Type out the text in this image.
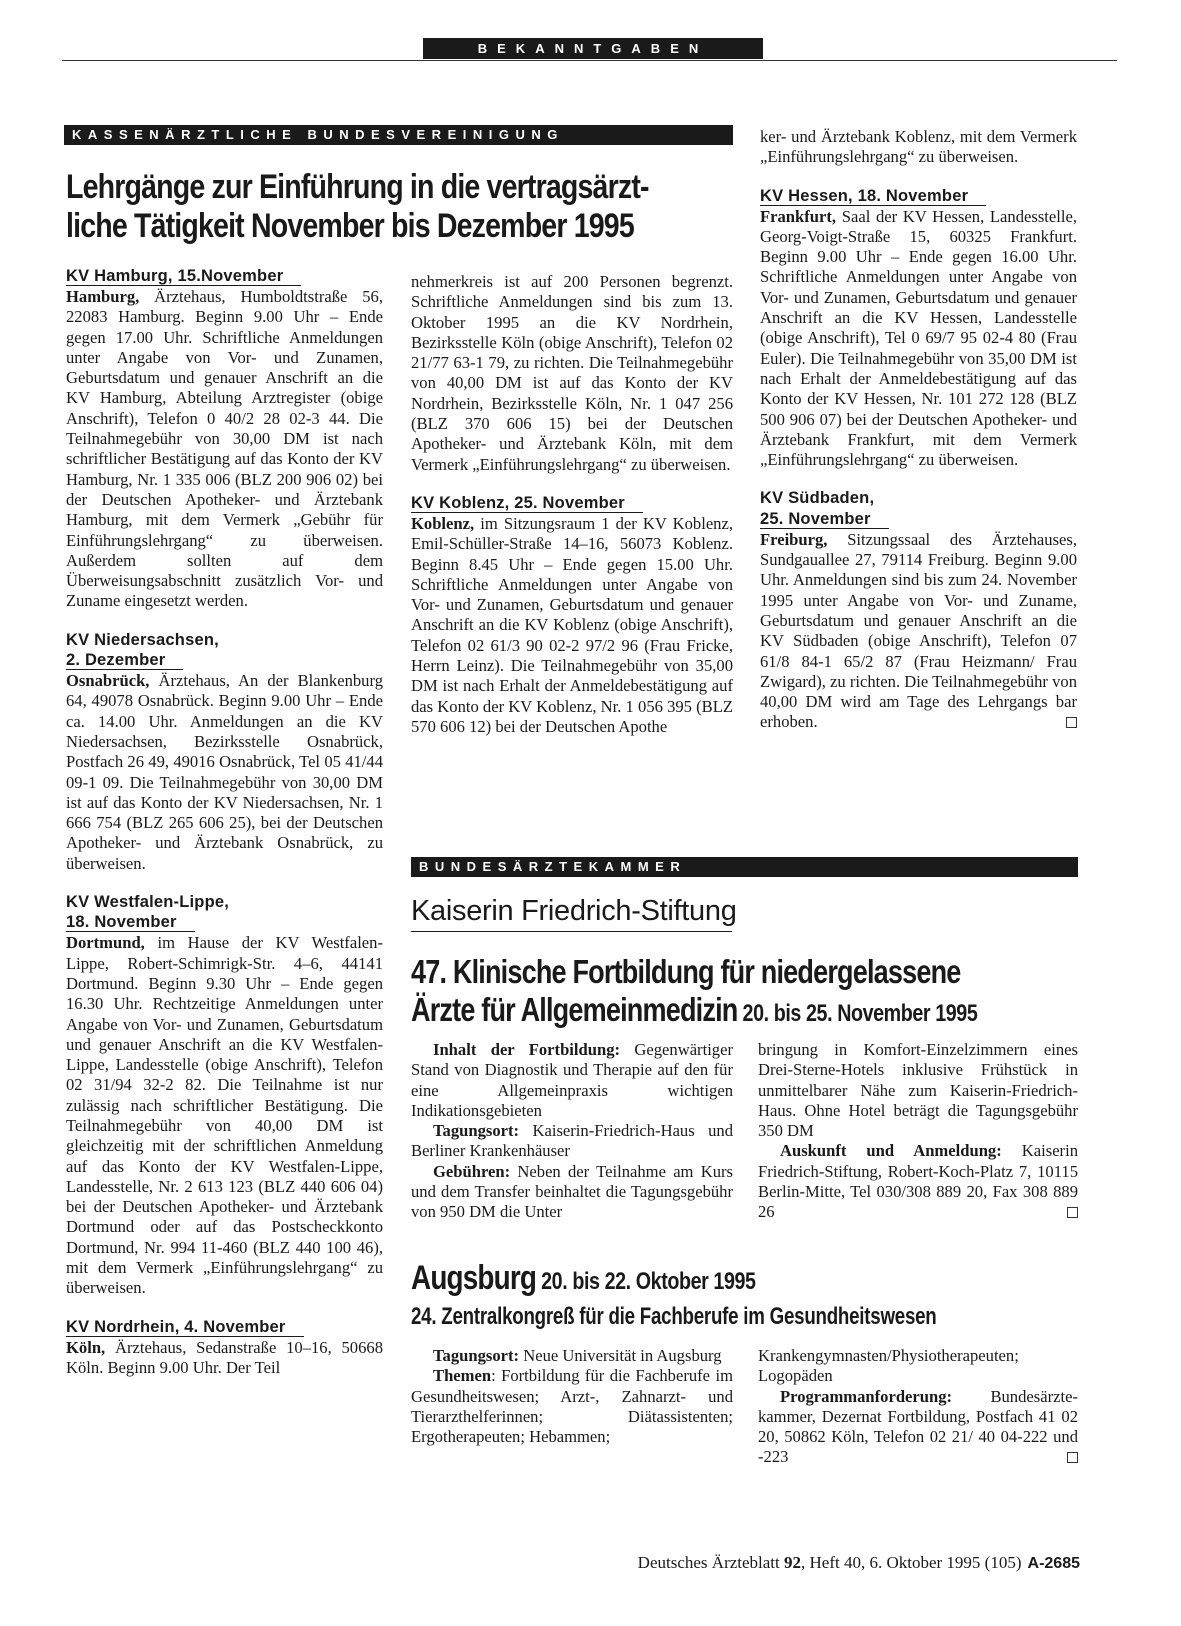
BEKANNTGABEN
KASSENÄRZTLICHE BUNDESVEREINIGUNG
Lehrgänge zur Einführung in die vertragsärzt-
liche Tätigkeit November bis Dezember 1995
KV Hamburg, 15.November

Hamburg, Ärztehaus, Humboldtstraße 56, 22083 Hamburg. Beginn 9.00 Uhr – Ende gegen 17.00 Uhr. Schriftliche Anmeldungen unter Angabe von Vor- und Zunamen, Geburtsdatum und genauer Anschrift an die KV Hamburg, Abteilung Arztregister (obige Anschrift), Telefon 0 40/2 28 02-3 44. Die Teilnahmegebühr von 30,00 DM ist nach schriftlicher Bestätigung auf das Konto der KV Hamburg, Nr. 1 335 006 (BLZ 200 906 02) bei der Deutschen Apotheker- und Ärztebank Hamburg, mit dem Vermerk „Gebühr für Einführungslehrgang“ zu überweisen. Außerdem sollten auf dem Überweisungsabschnitt zusätzlich Vor- und Zuname eingesetzt werden.

KV Niedersachsen,
2. Dezember

Osnabrück, Ärztehaus, An der Blankenburg 64, 49078 Osnabrück. Beginn 9.00 Uhr – Ende ca. 14.00 Uhr. Anmeldungen an die KV Niedersachsen, Bezirksstelle Osnabrück, Postfach 26 49, 49016 Osnabrück, Tel 05 41/44 09-1 09. Die Teilnahmegebühr von 30,00 DM ist auf das Konto der KV Niedersachsen, Nr. 1 666 754 (BLZ 265 606 25), bei der Deutschen Apotheker- und Ärztebank Osnabrück, zu überweisen.

KV Westfalen-Lippe,
18. November

Dortmund, im Hause der KV Westfalen-Lippe, Robert-Schimrigk-Str. 4–6, 44141 Dortmund. Beginn 9.30 Uhr – Ende gegen 16.30 Uhr. Rechtzeitige Anmeldungen unter Angabe von Vor- und Zunamen, Geburtsdatum und genauer Anschrift an die KV Westfalen-Lippe, Landesstelle (obige Anschrift), Telefon 02 31/94 32-2 82. Die Teilnahme ist nur zulässig nach schriftlicher Bestätigung. Die Teilnahmegebühr von 40,00 DM ist gleichzeitig mit der schriftlichen Anmeldung auf das Konto der KV Westfalen-Lippe, Landesstelle, Nr. 2 613 123 (BLZ 440 606 04) bei der Deutschen Apotheker- und Ärztebank Dortmund oder auf das Postscheckkonto Dortmund, Nr. 994 11-460 (BLZ 440 100 46), mit dem Vermerk „Einführungslehrgang“ zu überweisen.

KV Nordrhein, 4. November

Köln, Ärztehaus, Sedanstraße 10–16, 50668 Köln. Beginn 9.00 Uhr. Der Teil

nehmerkreis ist auf 200 Personen begrenzt. Schriftliche Anmeldungen sind bis zum 13. Oktober 1995 an die KV Nordrhein, Bezirksstelle Köln (obige Anschrift), Telefon 02 21/77 63-1 79, zu richten. Die Teilnahmegebühr von 40,00 DM ist auf das Konto der KV Nordrhein, Bezirksstelle Köln, Nr. 1 047 256 (BLZ 370 606 15) bei der Deutschen Apotheker- und Ärztebank Köln, mit dem Vermerk „Einführungslehrgang“ zu überweisen.

KV Koblenz, 25. November

Koblenz, im Sitzungsraum 1 der KV Koblenz, Emil-Schüller-Straße 14–16, 56073 Koblenz. Beginn 8.45 Uhr – Ende gegen 15.00 Uhr. Schriftliche Anmeldungen unter Angabe von Vor- und Zunamen, Geburtsdatum und genauer Anschrift an die KV Koblenz (obige Anschrift), Telefon 02 61/3 90 02-2 97/2 96 (Frau Fricke, Herrn Leinz). Die Teilnahmegebühr von 35,00 DM ist nach Erhalt der Anmeldebestätigung auf das Konto der KV Koblenz, Nr. 1 056 395 (BLZ 570 606 12) bei der Deutschen Apothe

ker- und Ärztebank Koblenz, mit dem Vermerk „Einführungslehrgang“ zu überweisen.

KV Hessen, 18. November

Frankfurt, Saal der KV Hessen, Landesstelle, Georg-Voigt-Straße 15, 60325 Frankfurt. Beginn 9.00 Uhr – Ende gegen 16.00 Uhr. Schriftliche Anmeldungen unter Angabe von Vor- und Zunamen, Geburtsdatum und genauer Anschrift an die KV Hessen, Landesstelle (obige Anschrift), Tel 0 69/7 95 02-4 80 (Frau Euler). Die Teilnahmegebühr von 35,00 DM ist nach Erhalt der Anmeldebestätigung auf das Konto der KV Hessen, Nr. 101 272 128 (BLZ 500 906 07) bei der Deutschen Apotheker- und Ärztebank Frankfurt, mit dem Vermerk „Einführungslehrgang“ zu überweisen.

KV Südbaden,
25. November

Freiburg, Sitzungssaal des Ärztehauses, Sundgauallee 27, 79114 Freiburg. Beginn 9.00 Uhr. Anmeldungen sind bis zum 24. November 1995 unter Angabe von Vor- und Zuname, Geburtsdatum und genauer Anschrift an die KV Südbaden (obige Anschrift), Telefon 07 61/8 84-1 65/2 87 (Frau Heizmann/ Frau Zwigard), zu richten. Die Teilnahmegebühr von 40,00 DM wird am Tage des Lehrgangs bar erhoben.

BUNDESÄRZTEKAMMER
Kaiserin Friedrich-Stiftung
47. Klinische Fortbildung für niedergelassene
Ärzte für Allgemeinmedizin 20. bis 25. November 1995

Inhalt der Fortbildung: Gegenwärtiger Stand von Diagnostik und Therapie auf den für eine Allgemeinpraxis wichtigen Indikationsgebieten

Tagungsort: Kaiserin-Friedrich-Haus und Berliner Krankenhäuser

Gebühren: Neben der Teilnahme am Kurs und dem Transfer beinhaltet die Tagungsgebühr von 950 DM die Unter

bringung in Komfort-Einzelzimmern eines Drei-Sterne-Hotels inklusive Frühstück in unmittelbarer Nähe zum Kaiserin-Friedrich-Haus. Ohne Hotel beträgt die Tagungsgebühr 350 DM

Auskunft und Anmeldung: Kaiserin Friedrich-Stiftung, Robert-Koch-Platz 7, 10115 Berlin-Mitte, Tel 030/308 889 20, Fax 308 889 26

Augsburg 20. bis 22. Oktober 1995
24. Zentralkongreß für die Fachberufe im Gesundheitswesen

Tagungsort: Neue Universität in Augsburg

Themen: Fortbildung für die Fachberufe im Gesundheitswesen; Arzt-, Zahnarzt- und Tierarzthelferinnen; Diätassistenten; Ergotherapeuten; Hebammen;

Krankengymnasten/Physiotherapeuten; Logopäden

Programmanforderung: Bundesärztekammer, Dezernat Fortbildung, Postfach 41 02 20, 50862 Köln, Telefon 02 21/ 40 04-222 und -223

Deutsches Ärzteblatt 92, Heft 40, 6. Oktober 1995 (105) A-2685
